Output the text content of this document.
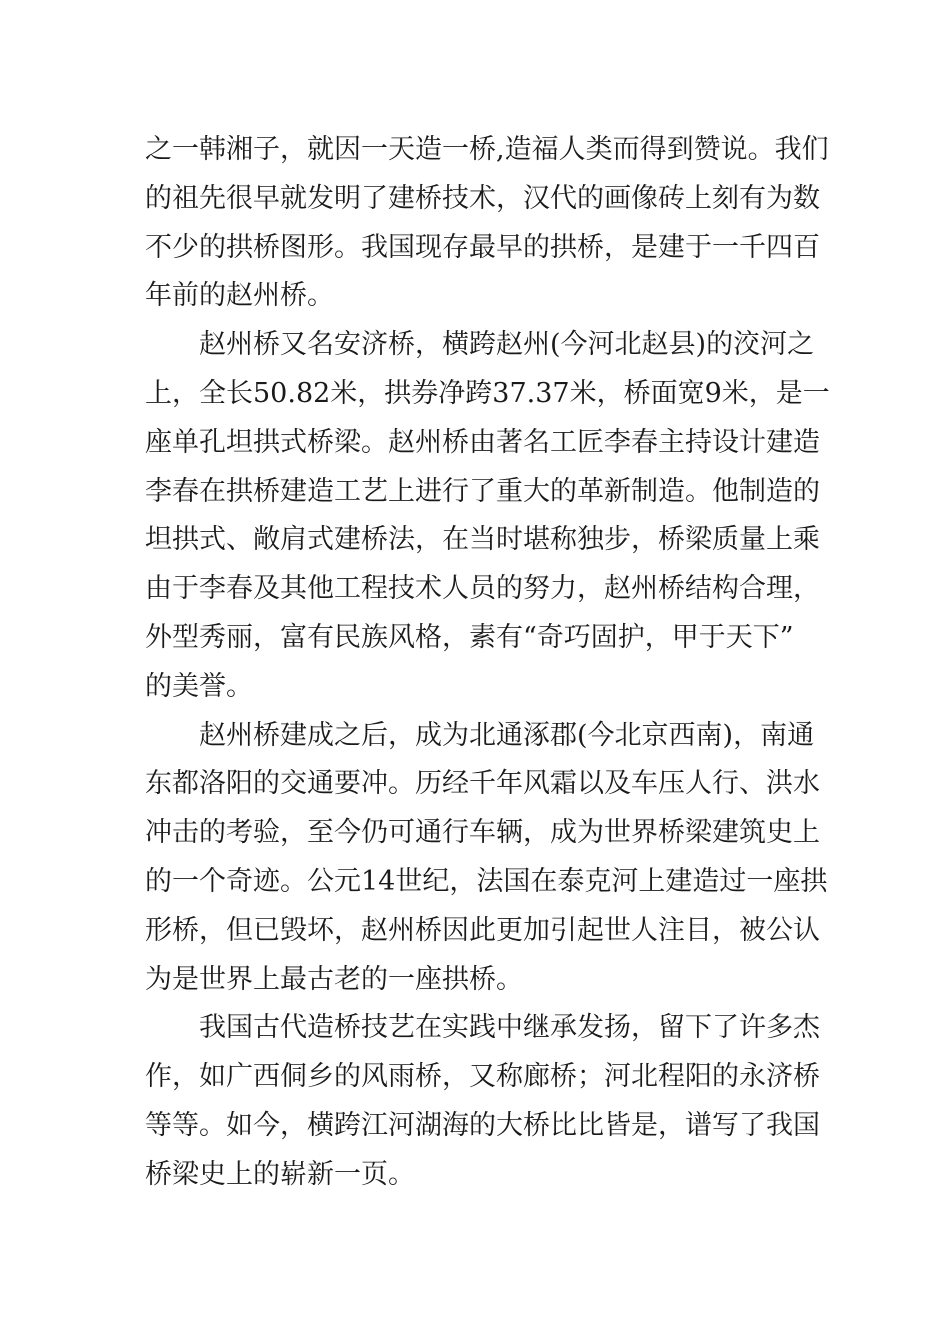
之一韩湘子，就因一天造一桥,造福人类而得到赞说。我们
的祖先很早就发明了建桥技术，汉代的画像砖上刻有为数
不少的拱桥图形。我国现存最早的拱桥，是建于一千四百
年前的赵州桥。

赵州桥又名安济桥，横跨赵州(今河北赵县)的洨河之
上，全长50.82米，拱券净跨37.37米，桥面宽9米，是一
座单孔坦拱式桥梁。赵州桥由著名工匠李春主持设计建造
李春在拱桥建造工艺上进行了重大的革新制造。他制造的
坦拱式、敞肩式建桥法，在当时堪称独步，桥梁质量上乘
由于李春及其他工程技术人员的努力，赵州桥结构合理，
外型秀丽，富有民族风格，素有“奇巧固护，甲于天下”
的美誉。

赵州桥建成之后，成为北通涿郡(今北京西南)，南通
东都洛阳的交通要冲。历经千年风霜以及车压人行、洪水
冲击的考验，至今仍可通行车辆，成为世界桥梁建筑史上
的一个奇迹。公元14世纪，法国在泰克河上建造过一座拱
形桥，但已毁坏，赵州桥因此更加引起世人注目，被公认
为是世界上最古老的一座拱桥。

我国古代造桥技艺在实践中继承发扬，留下了许多杰
作，如广西侗乡的风雨桥，又称廊桥；河北程阳的永济桥
等等。如今，横跨江河湖海的大桥比比皆是，谱写了我国
桥梁史上的崭新一页。
